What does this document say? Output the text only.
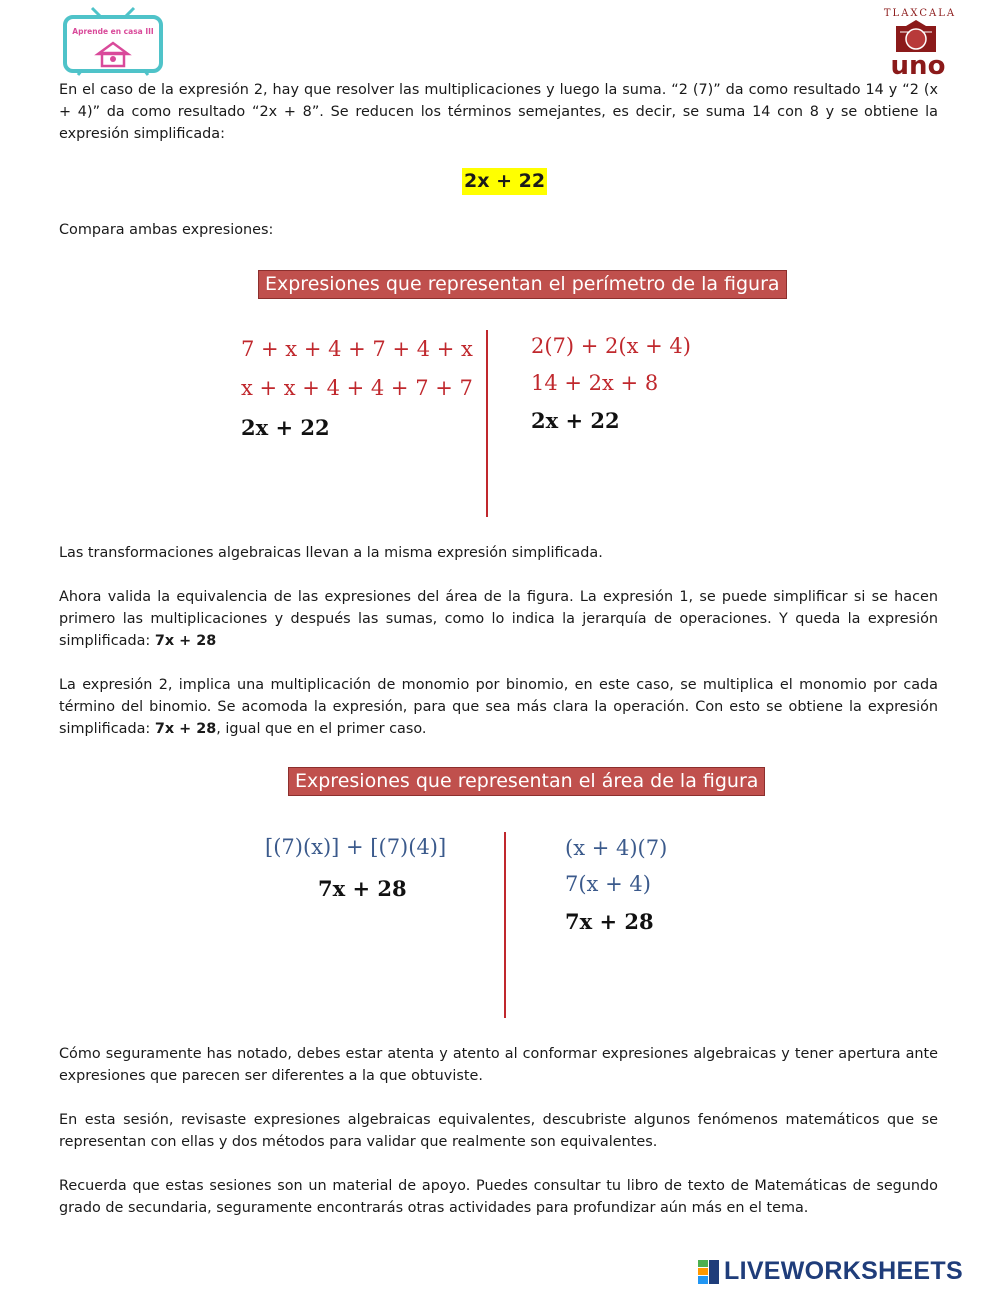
Aprende en casa III
TLAXCALA
uno

En el caso de la expresión 2, hay que resolver las multiplicaciones y luego la suma. “2 (7)” da como resultado 14 y “2 (x + 4)” da como resultado “2x + 8”. Se reducen los términos semejantes, es decir, se suma 14 con 8 y se obtiene la expresión simplificada:

2x + 22

Compara ambas expresiones:

Expresiones que representan el perímetro de la figura
7 + x + 4 + 7 + 4 + x
x + x + 4 + 4 + 7 + 7
2x + 22
2(7) + 2(x + 4)
14 + 2x + 8
2x + 22

Las transformaciones algebraicas llevan a la misma expresión simplificada.

Ahora valida la equivalencia de las expresiones del área de la figura. La expresión 1, se puede simplificar si se hacen primero las multiplicaciones y después las sumas, como lo indica la jerarquía de operaciones. Y queda la expresión simplificada: 7x + 28

La expresión 2, implica una multiplicación de monomio por binomio, en este caso, se multiplica el monomio por cada término del binomio. Se acomoda la expresión, para que sea más clara la operación. Con esto se obtiene la expresión simplificada: 7x + 28, igual que en el primer caso.

Expresiones que representan el área de la figura
[(7)(x)] + [(7)(4)]
7x + 28
(x + 4)(7)
7(x + 4)
7x + 28

Cómo seguramente has notado, debes estar atenta y atento al conformar expresiones algebraicas y tener apertura ante expresiones que parecen ser diferentes a la que obtuviste.

En esta sesión, revisaste expresiones algebraicas equivalentes, descubriste algunos fenómenos matemáticos que se representan con ellas y dos métodos para validar que realmente son equivalentes.

Recuerda que estas sesiones son un material de apoyo. Puedes consultar tu libro de texto de Matemáticas de segundo grado de secundaria, seguramente encontrarás otras actividades para profundizar aún más en el tema.

LIVEWORKSHEETS
